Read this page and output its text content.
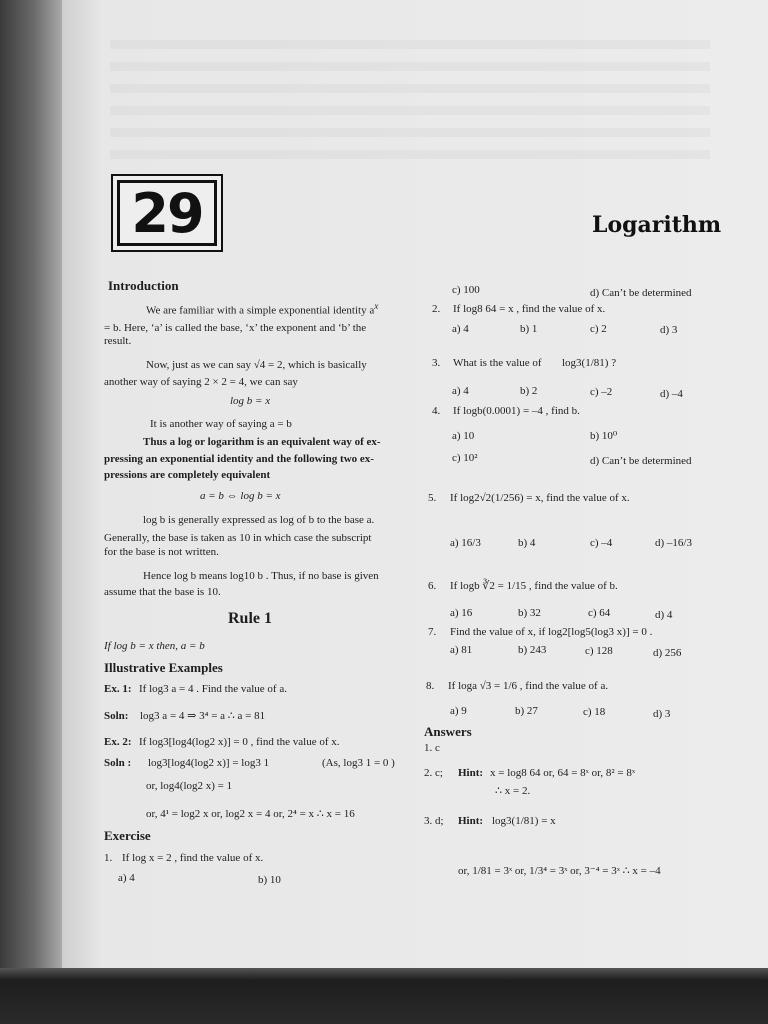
29	Logarithm
Introduction
We are familiar with a simple exponential identity $a^x$
= b. Here, ‘a’ is called the base, ‘x’ the exponent and ‘b’ the
result.
Now, just as we can say √4 = 2, which is basically
another way of saying 2 × 2 = 4, we can say
log b = x
It is another way of saying a = b
Thus a log or logarithm is an equivalent way of ex-
pressing an exponential identity and the following two ex-
pressions are completely equivalent
a = b ⇔ log b = x
log b is generally expressed as log of b to the base a.
Generally, the base is taken as 10 in which case the subscript
for the base is not written.
Hence log b means log10 b . Thus, if no base is given
assume that the base is 10.
Rule 1
If log b = x then, a = b
Illustrative Examples
Ex. 1: If log3 a = 4 . Find the value of a.
Soln: log3 a = 4 ⇒ 3⁴ = a ∴ a = 81
Ex. 2: If log3[log4(log2 x)] = 0 , find the value of x.
Soln : log3[log4(log2 x)] = log3 1	(As, log3 1 = 0 )
or, log4(log2 x) = 1
or, 4¹ = log2 x or, log2 x = 4 or, 2⁴ = x ∴ x = 16
Exercise
1. If log x = 2 , find the value of x.
a) 4	b) 10
c) 100	d) Can’t be determined
2. If log8 64 = x , find the value of x.
a) 4	b) 1	c) 2	d) 3
3. What is the value of log3(1/81) ?
a) 4	b) 2	c) –2	d) –4
4. If logb(0.0001) = –4 , find b.
a) 10	b) 10⁰
c) 10²	d) Can’t be determined
5. If log2√2(1/256) = x, find the value of x.
a) 16/3	b) 4	c) –4	d) –16/3
6. If logb ∛2 = 1/15 , find the value of b.
a) 16	b) 32	c) 64	d) 4
7. Find the value of x, if log2[log5(log3 x)] = 0 .
a) 81	b) 243	c) 128	d) 256
8. If loga √3 = 1/6 , find the value of a.
a) 9	b) 27	c) 18	d) 3
Answers
1. c
2. c; Hint: x = log8 64 or, 64 = 8ˣ or, 8² = 8ˣ
∴ x = 2.
3. d; Hint: log3(1/81) = x
or, 1/81 = 3ˣ or, 1/3⁴ = 3ˣ or, 3⁻⁴ = 3ˣ ∴ x = –4
